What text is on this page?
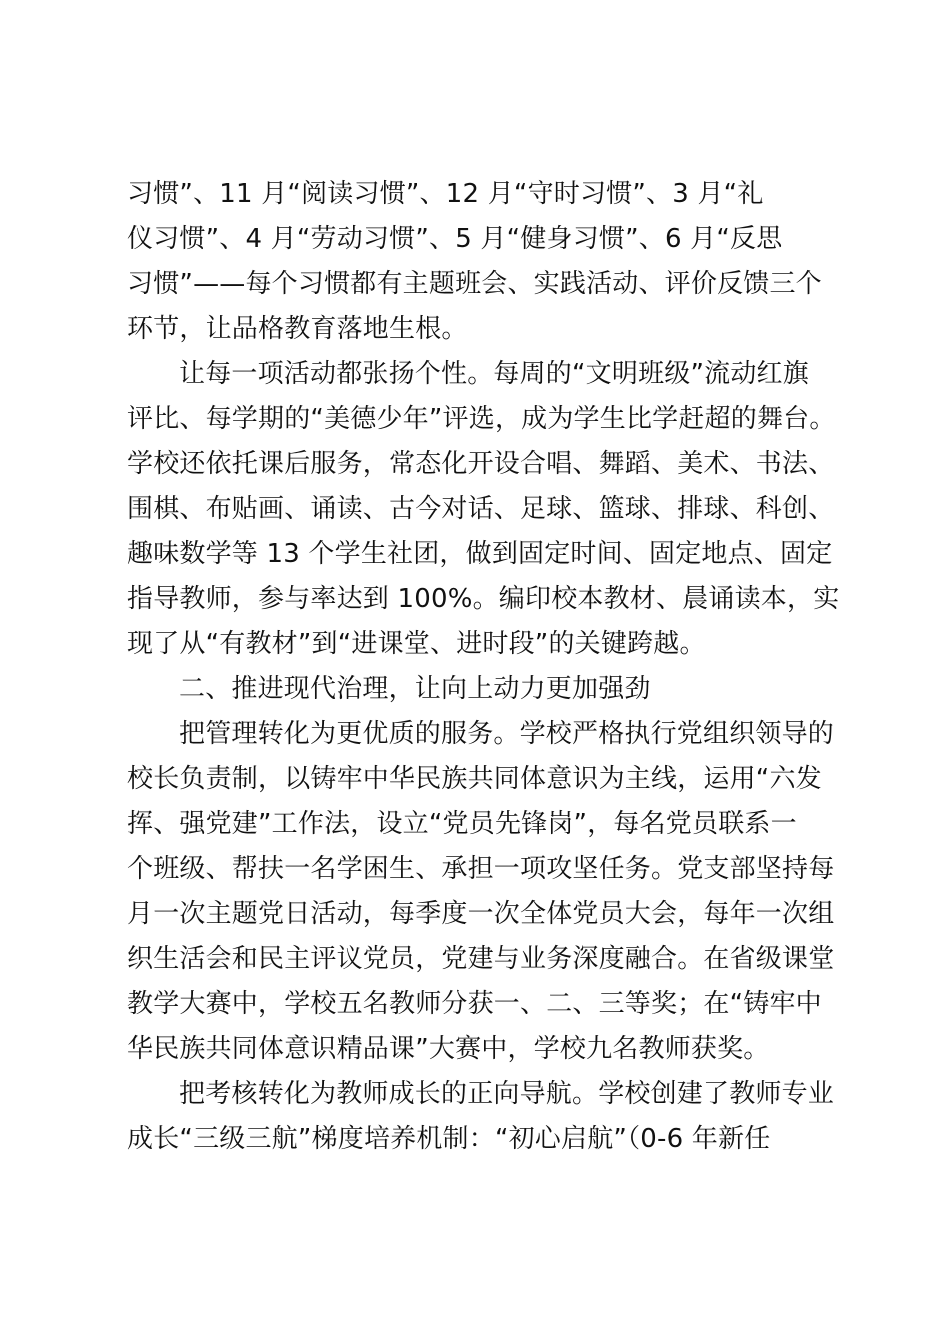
习惯”、11 月“阅读习惯”、12 月“守时习惯”、3 月“礼
仪习惯”、4 月“劳动习惯”、5 月“健身习惯”、6 月“反思
习惯”——每个习惯都有主题班会、实践活动、评价反馈三个
环节，让品格教育落地生根。
让每一项活动都张扬个性。每周的“文明班级”流动红旗
评比、每学期的“美德少年”评选，成为学生比学赶超的舞台。
学校还依托课后服务，常态化开设合唱、舞蹈、美术、书法、
围棋、布贴画、诵读、古今对话、足球、篮球、排球、科创、
趣味数学等 13 个学生社团，做到固定时间、固定地点、固定
指导教师，参与率达到 100%。编印校本教材、晨诵读本，实
现了从“有教材”到“进课堂、进时段”的关键跨越。
二、推进现代治理，让向上动力更加强劲
把管理转化为更优质的服务。学校严格执行党组织领导的
校长负责制，以铸牢中华民族共同体意识为主线，运用“六发
挥、强党建”工作法，设立“党员先锋岗”，每名党员联系一
个班级、帮扶一名学困生、承担一项攻坚任务。党支部坚持每
月一次主题党日活动，每季度一次全体党员大会，每年一次组
织生活会和民主评议党员，党建与业务深度融合。在省级课堂
教学大赛中，学校五名教师分获一、二、三等奖；在“铸牢中
华民族共同体意识精品课”大赛中，学校九名教师获奖。
把考核转化为教师成长的正向导航。学校创建了教师专业
成长“三级三航”梯度培养机制：“初心启航”（0-6 年新任
